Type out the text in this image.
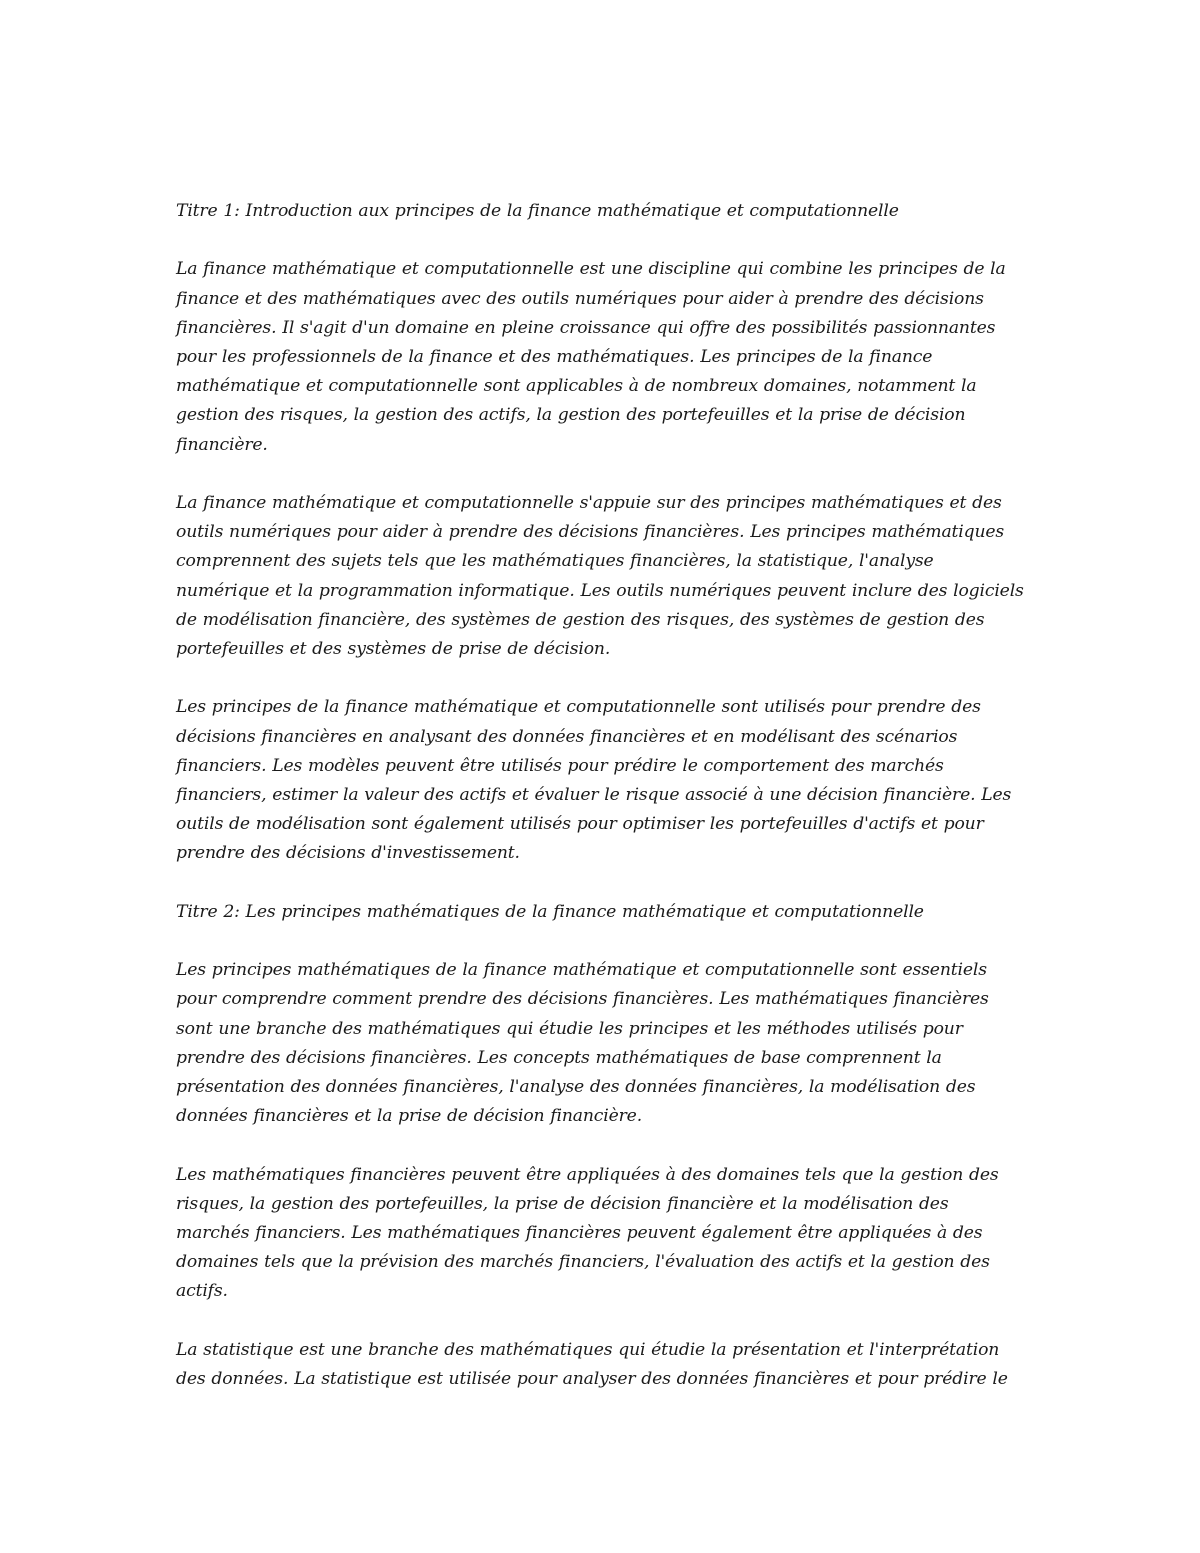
Titre 1: Introduction aux principes de la finance mathématique et computationnelle

La finance mathématique et computationnelle est une discipline qui combine les principes de la finance et des mathématiques avec des outils numériques pour aider à prendre des décisions financières. Il s'agit d'un domaine en pleine croissance qui offre des possibilités passionnantes pour les professionnels de la finance et des mathématiques. Les principes de la finance mathématique et computationnelle sont applicables à de nombreux domaines, notamment la gestion des risques, la gestion des actifs, la gestion des portefeuilles et la prise de décision financière.

La finance mathématique et computationnelle s'appuie sur des principes mathématiques et des outils numériques pour aider à prendre des décisions financières. Les principes mathématiques comprennent des sujets tels que les mathématiques financières, la statistique, l'analyse numérique et la programmation informatique. Les outils numériques peuvent inclure des logiciels de modélisation financière, des systèmes de gestion des risques, des systèmes de gestion des portefeuilles et des systèmes de prise de décision.

Les principes de la finance mathématique et computationnelle sont utilisés pour prendre des décisions financières en analysant des données financières et en modélisant des scénarios financiers. Les modèles peuvent être utilisés pour prédire le comportement des marchés financiers, estimer la valeur des actifs et évaluer le risque associé à une décision financière. Les outils de modélisation sont également utilisés pour optimiser les portefeuilles d'actifs et pour prendre des décisions d'investissement.

Titre 2: Les principes mathématiques de la finance mathématique et computationnelle

Les principes mathématiques de la finance mathématique et computationnelle sont essentiels pour comprendre comment prendre des décisions financières. Les mathématiques financières sont une branche des mathématiques qui étudie les principes et les méthodes utilisés pour prendre des décisions financières. Les concepts mathématiques de base comprennent la présentation des données financières, l'analyse des données financières, la modélisation des données financières et la prise de décision financière.

Les mathématiques financières peuvent être appliquées à des domaines tels que la gestion des risques, la gestion des portefeuilles, la prise de décision financière et la modélisation des marchés financiers. Les mathématiques financières peuvent également être appliquées à des domaines tels que la prévision des marchés financiers, l'évaluation des actifs et la gestion des actifs.

La statistique est une branche des mathématiques qui étudie la présentation et l'interprétation des données. La statistique est utilisée pour analyser des données financières et pour prédire le
